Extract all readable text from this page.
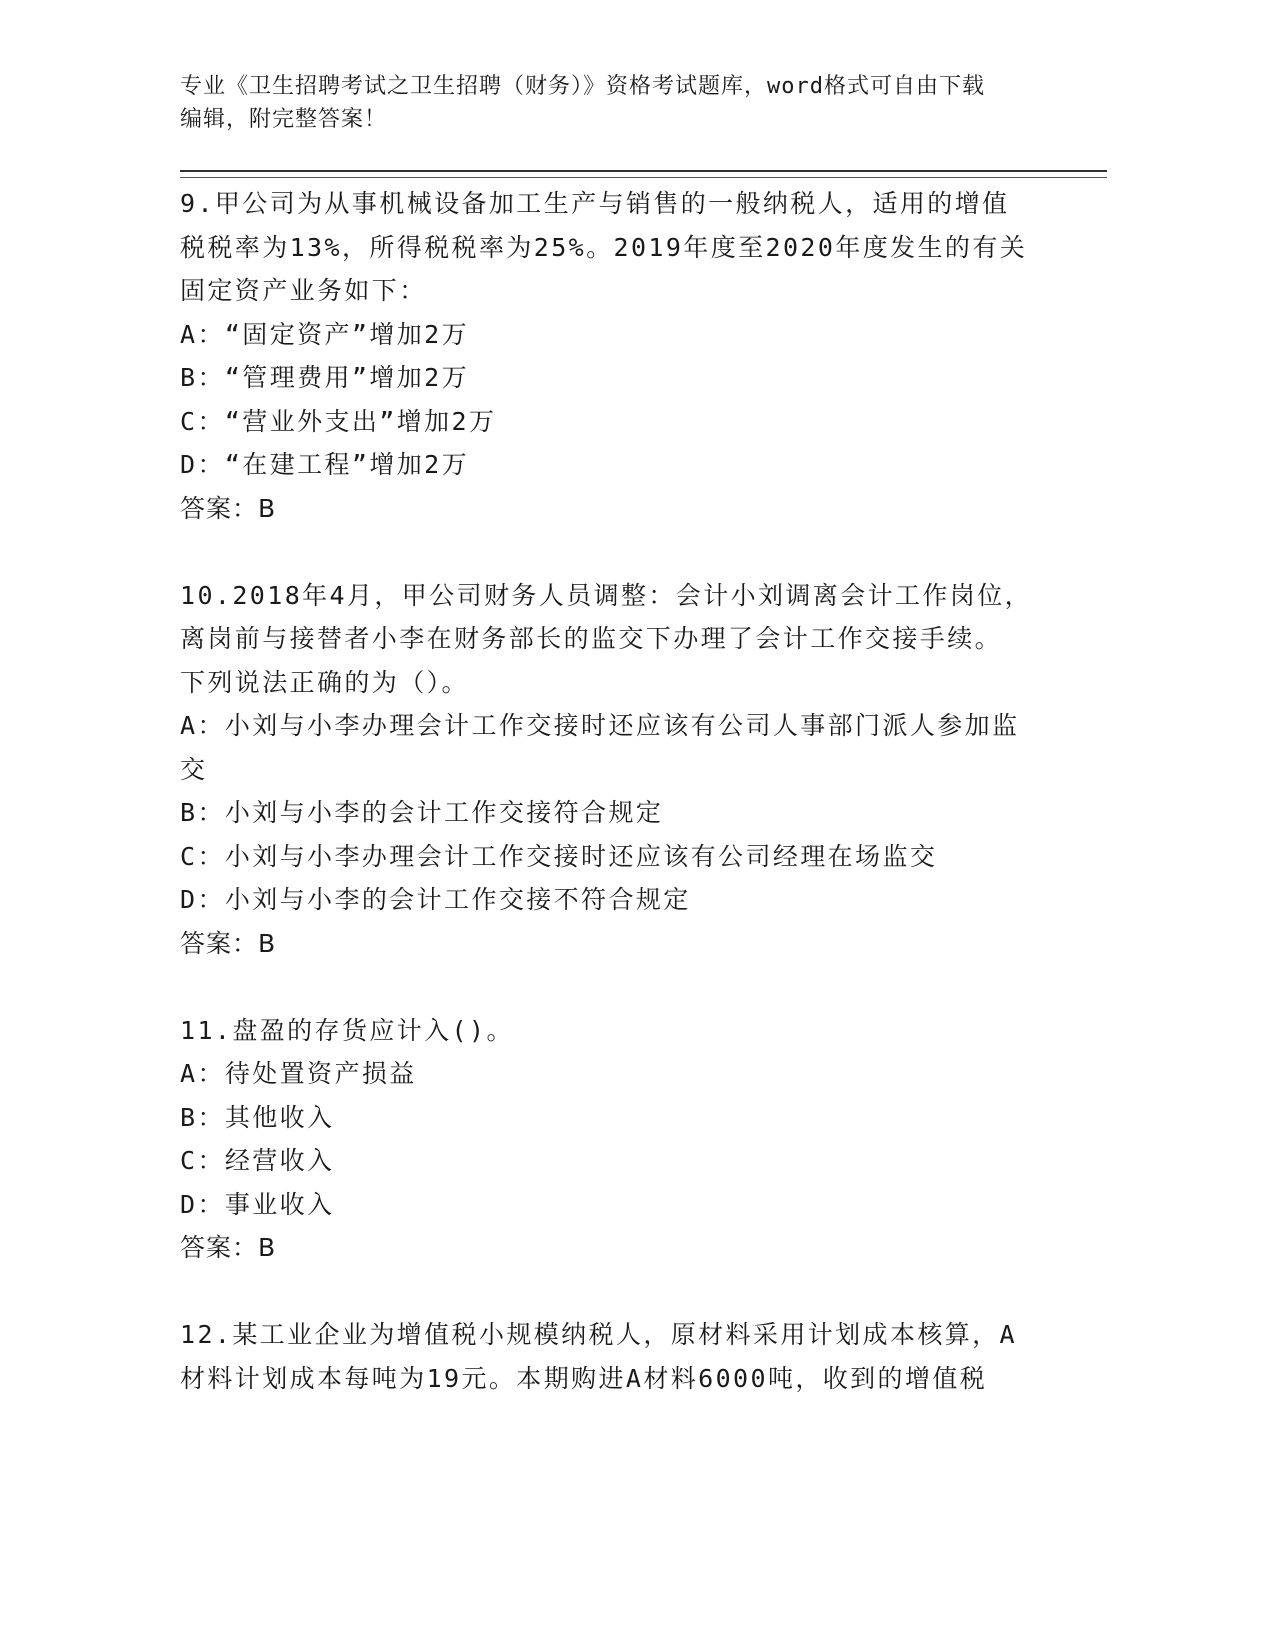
专业《卫生招聘考试之卫生招聘（财务）》资格考试题库，word格式可自由下载
编辑，附完整答案！
9.甲公司为从事机械设备加工生产与销售的一般纳税人，适用的增值
税税率为13%，所得税税率为25%。2019年度至2020年度发生的有关
固定资产业务如下：
A：“固定资产”增加2万
B：“管理费用”增加2万
C：“营业外支出”增加2万
D：“在建工程”增加2万
答案：B
10.2018年4月，甲公司财务人员调整：会计小刘调离会计工作岗位，
离岗前与接替者小李在财务部长的监交下办理了会计工作交接手续。
下列说法正确的为（）。
A：小刘与小李办理会计工作交接时还应该有公司人事部门派人参加监
交
B：小刘与小李的会计工作交接符合规定
C：小刘与小李办理会计工作交接时还应该有公司经理在场监交
D：小刘与小李的会计工作交接不符合规定
答案：B
11.盘盈的存货应计入()。
A：待处置资产损益
B：其他收入
C：经营收入
D：事业收入
答案：B
12.某工业企业为增值税小规模纳税人，原材料采用计划成本核算，A
材料计划成本每吨为19元。本期购进A材料6000吨，收到的增值税
